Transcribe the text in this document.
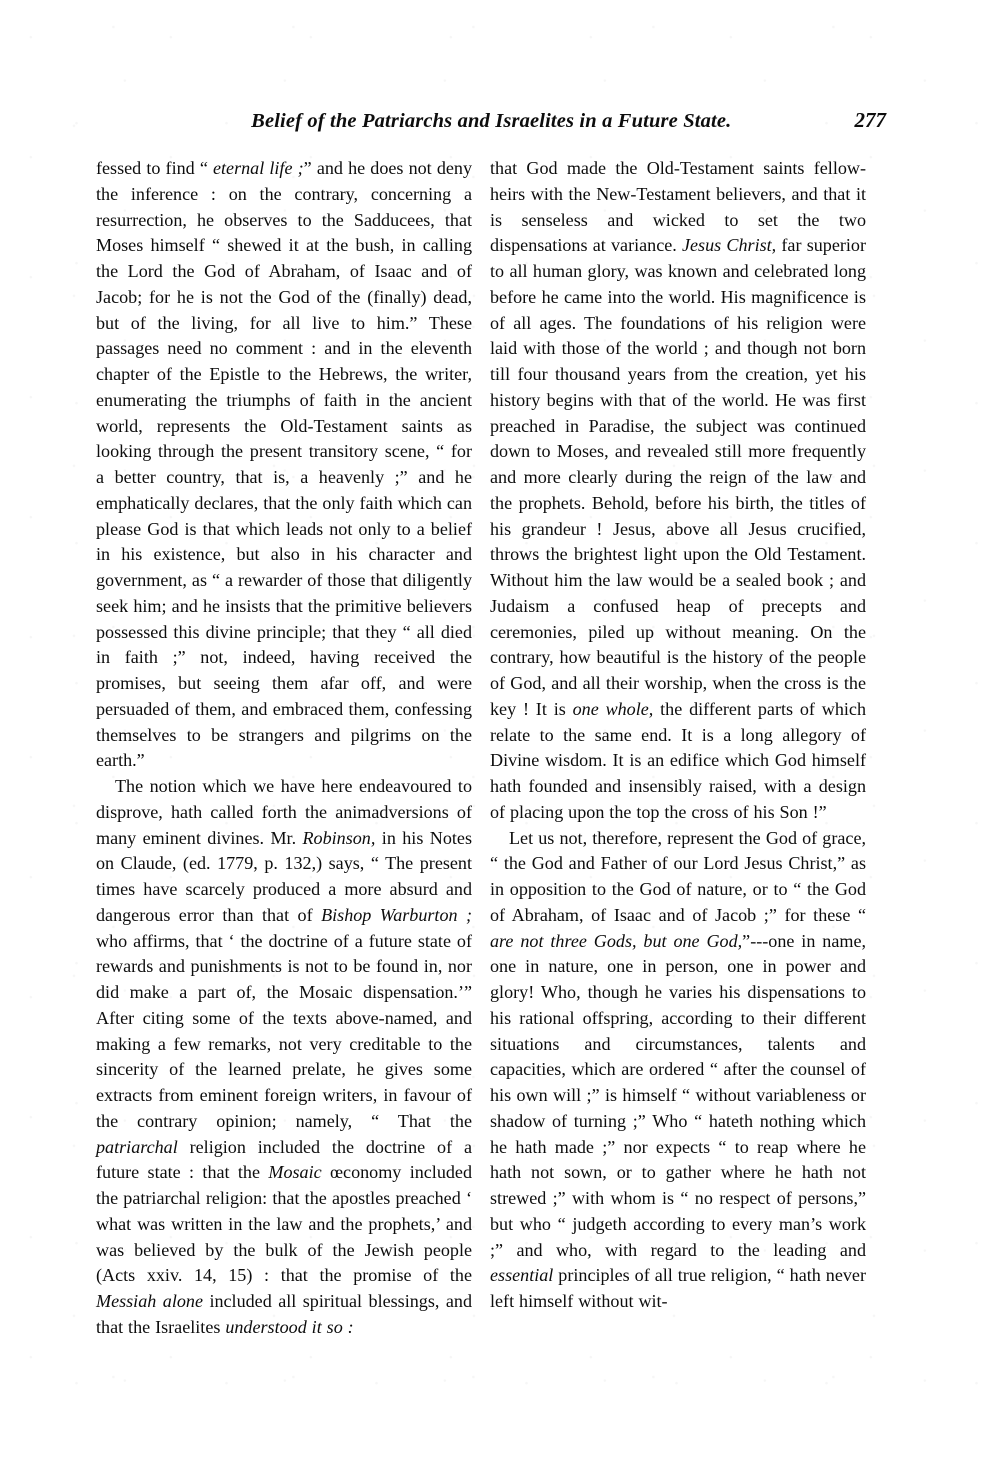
Belief of the Patriarchs and Israelites in a Future State.	277

fessed to find “ eternal life ;” and he does not deny the inference : on the contrary, concerning a resurrection, he observes to the Sadducees, that Moses himself “ shewed it at the bush, in calling the Lord the God of Abraham, of Isaac and of Jacob; for he is not the God of the (finally) dead, but of the living, for all live to him.” These passages need no comment : and in the eleventh chapter of the Epistle to the Hebrews, the writer, enumerating the triumphs of faith in the ancient world, represents the Old-Testament saints as looking through the present transitory scene, “ for a better country, that is, a heavenly ;” and he emphatically declares, that the only faith which can please God is that which leads not only to a belief in his existence, but also in his character and government, as “ a rewarder of those that diligently seek him; and he insists that the primitive believers possessed this divine principle; that they “ all died in faith ;” not, indeed, having received the promises, but seeing them afar off, and were persuaded of them, and embraced them, confessing themselves to be strangers and pilgrims on the earth.”

The notion which we have here endeavoured to disprove, hath called forth the animadversions of many eminent divines. Mr. Robinson, in his Notes on Claude, (ed. 1779, p. 132,) says, “ The present times have scarcely produced a more absurd and dangerous error than that of Bishop Warburton ; who affirms, that ‘ the doctrine of a future state of rewards and punishments is not to be found in, nor did make a part of, the Mosaic dispensation.’” After citing some of the texts above-named, and making a few remarks, not very creditable to the sincerity of the learned prelate, he gives some extracts from eminent foreign writers, in favour of the contrary opinion; namely, “ That the patriarchal religion included the doctrine of a future state : that the Mosaic œconomy included the patriarchal religion: that the apostles preached ‘ what was written in the law and the prophets,’ and was believed by the bulk of the Jewish people (Acts xxiv. 14, 15) : that the promise of the Messiah alone included all spiritual blessings, and that the Israelites understood it so :

that God made the Old-Testament saints fellow-heirs with the New-Testament believers, and that it is senseless and wicked to set the two dispensations at variance. Jesus Christ, far superior to all human glory, was known and celebrated long before he came into the world. His magnificence is of all ages. The foundations of his religion were laid with those of the world ; and though not born till four thousand years from the creation, yet his history begins with that of the world. He was first preached in Paradise, the subject was continued down to Moses, and revealed still more frequently and more clearly during the reign of the law and the prophets. Behold, before his birth, the titles of his grandeur ! Jesus, above all Jesus crucified, throws the brightest light upon the Old Testament. Without him the law would be a sealed book ; and Judaism a confused heap of precepts and ceremonies, piled up without meaning. On the contrary, how beautiful is the history of the people of God, and all their worship, when the cross is the key ! It is one whole, the different parts of which relate to the same end. It is a long allegory of Divine wisdom. It is an edifice which God himself hath founded and insensibly raised, with a design of placing upon the top the cross of his Son !”

Let us not, therefore, represent the God of grace, “ the God and Father of our Lord Jesus Christ,” as in opposition to the God of nature, or to “ the God of Abraham, of Isaac and of Jacob ;” for these “ are not three Gods, but one God,”---one in name, one in nature, one in person, one in power and glory! Who, though he varies his dispensations to his rational offspring, according to their different situations and circumstances, talents and capacities, which are ordered “ after the counsel of his own will ;” is himself “ without variableness or shadow of turning ;” Who “ hateth nothing which he hath made ;” nor expects “ to reap where he hath not sown, or to gather where he hath not strewed ;” with whom is “ no respect of persons,” but who “ judgeth according to every man’s work ;” and who, with regard to the leading and essential principles of all true religion, “ hath never left himself without wit-
